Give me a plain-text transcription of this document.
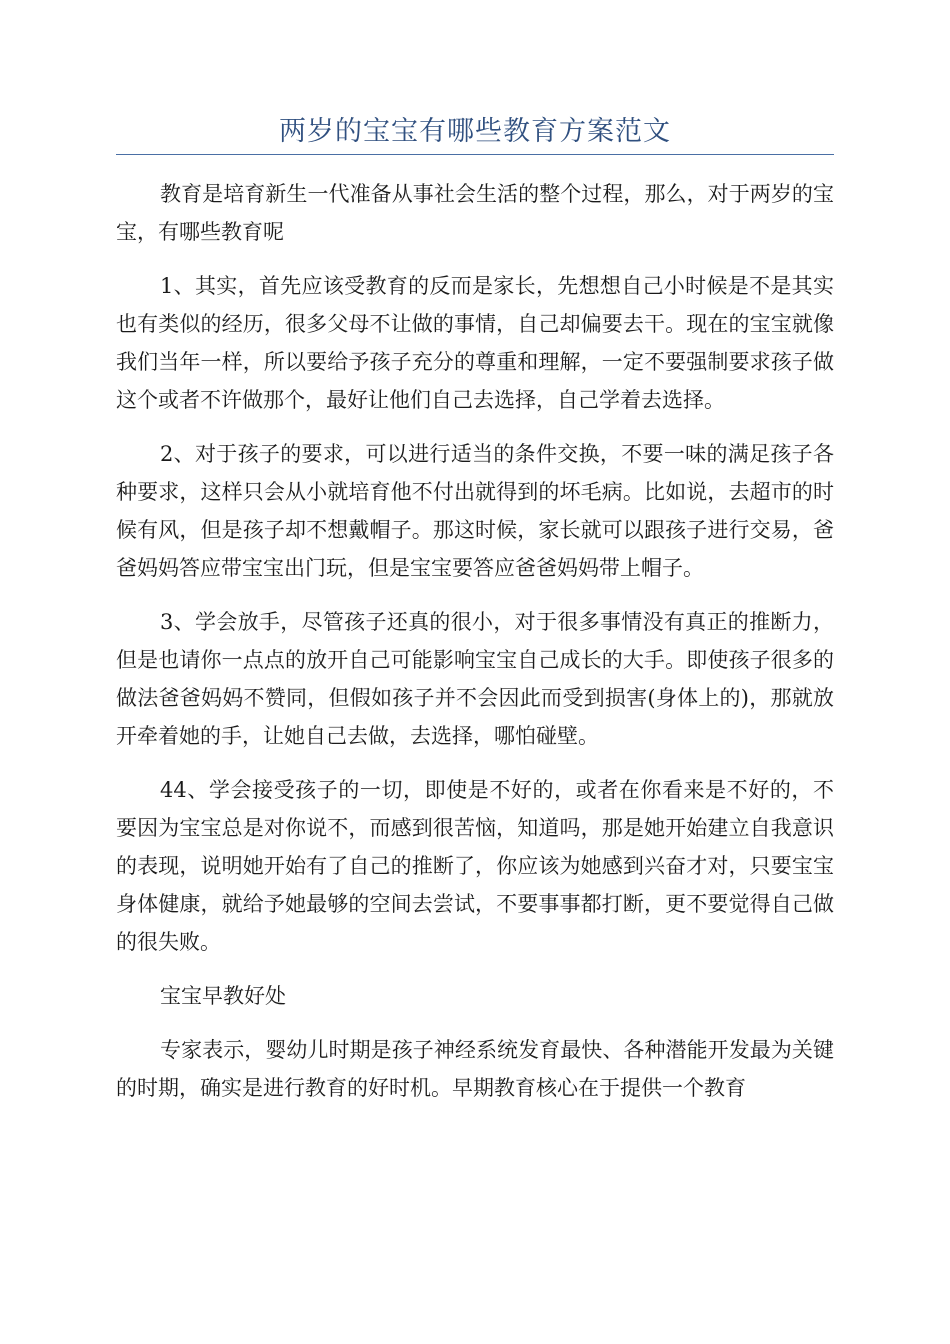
两岁的宝宝有哪些教育方案范文

教育是培育新生一代准备从事社会生活的整个过程，那么，对于两岁的宝宝，有哪些教育呢

1、其实，首先应该受教育的反而是家长，先想想自己小时候是不是其实也有类似的经历，很多父母不让做的事情，自己却偏要去干。现在的宝宝就像我们当年一样，所以要给予孩子充分的尊重和理解，一定不要强制要求孩子做这个或者不许做那个，最好让他们自己去选择，自己学着去选择。

2、对于孩子的要求，可以进行适当的条件交换，不要一味的满足孩子各种要求，这样只会从小就培育他不付出就得到的坏毛病。比如说，去超市的时候有风，但是孩子却不想戴帽子。那这时候，家长就可以跟孩子进行交易，爸爸妈妈答应带宝宝出门玩，但是宝宝要答应爸爸妈妈带上帽子。

3、学会放手，尽管孩子还真的很小，对于很多事情没有真正的推断力，但是也请你一点点的放开自己可能影响宝宝自己成长的大手。即使孩子很多的做法爸爸妈妈不赞同，但假如孩子并不会因此而受到损害(身体上的)，那就放开牵着她的手，让她自己去做，去选择，哪怕碰壁。

44、学会接受孩子的一切，即使是不好的，或者在你看来是不好的，不要因为宝宝总是对你说不，而感到很苦恼，知道吗，那是她开始建立自我意识的表现，说明她开始有了自己的推断了，你应该为她感到兴奋才对，只要宝宝身体健康，就给予她最够的空间去尝试，不要事事都打断，更不要觉得自己做的很失败。

宝宝早教好处

专家表示，婴幼儿时期是孩子神经系统发育最快、各种潜能开发最为关键的时期，确实是进行教育的好时机。早期教育核心在于提供一个教育
